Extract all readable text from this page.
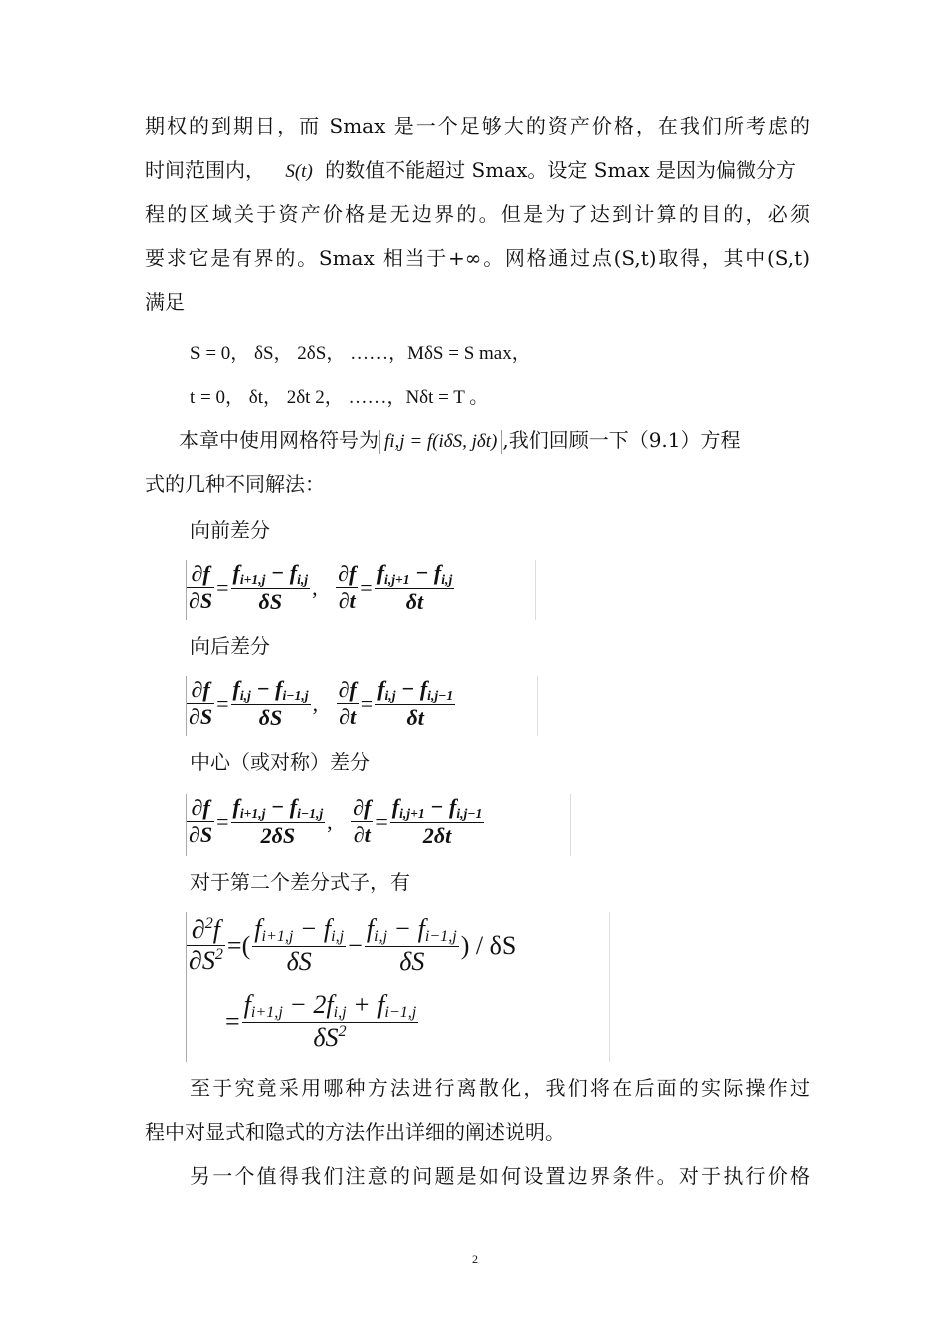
期权的到期日，而 Smax 是一个足够大的资产价格，在我们所考虑的
时间范围内， S(t) 的数值不能超过 Smax。设定 Smax 是因为偏微分方
程的区域关于资产价格是无边界的。但是为了达到计算的目的，必须
要求它是有界的。Smax 相当于+∞。网格通过点(S,t)取得，其中(S,t)
满足
S = 0， δS， 2δS， ……，MδS = S max，
t = 0， δt， 2δt 2， ……，Nδt = T 。
本章中使用网格符号为 fi,j = f(iδS, jδt) ,我们回顾一下（9.1）方程
式的几种不同解法：
向前差分
$\frac{\partial f}{\partial S} = \frac{f_{i+1,j} - f_{i,j}}{\delta S}$ , $\frac{\partial f}{\partial t} = \frac{f_{i,j+1} - f_{i,j}}{\delta t}$
向后差分
$\frac{\partial f}{\partial S} = \frac{f_{i,j} - f_{i-1,j}}{\delta S}$ , $\frac{\partial f}{\partial t} = \frac{f_{i,j} - f_{i,j-1}}{\delta t}$
中心（或对称）差分
$\frac{\partial f}{\partial S} = \frac{f_{i+1,j} - f_{i-1,j}}{2\delta S}$ , $\frac{\partial f}{\partial t} = \frac{f_{i,j+1} - f_{i,j-1}}{2\delta t}$
对于第二个差分式子，有
$\frac{\partial^2f}{\partial S^2}$ =( $\frac{f_{i+1,j} - f_{i,j}}{\delta S} - \frac{f_{i,j} - f_{i-1,j}}{\delta S}$ ) / δS
= $\frac{f_{i+1,j} - 2f_{i,j} + f_{i-1,j}}{\delta S^2}$
至于究竟采用哪种方法进行离散化，我们将在后面的实际操作过
程中对显式和隐式的方法作出详细的阐述说明。
另一个值得我们注意的问题是如何设置边界条件。对于执行价格
2
